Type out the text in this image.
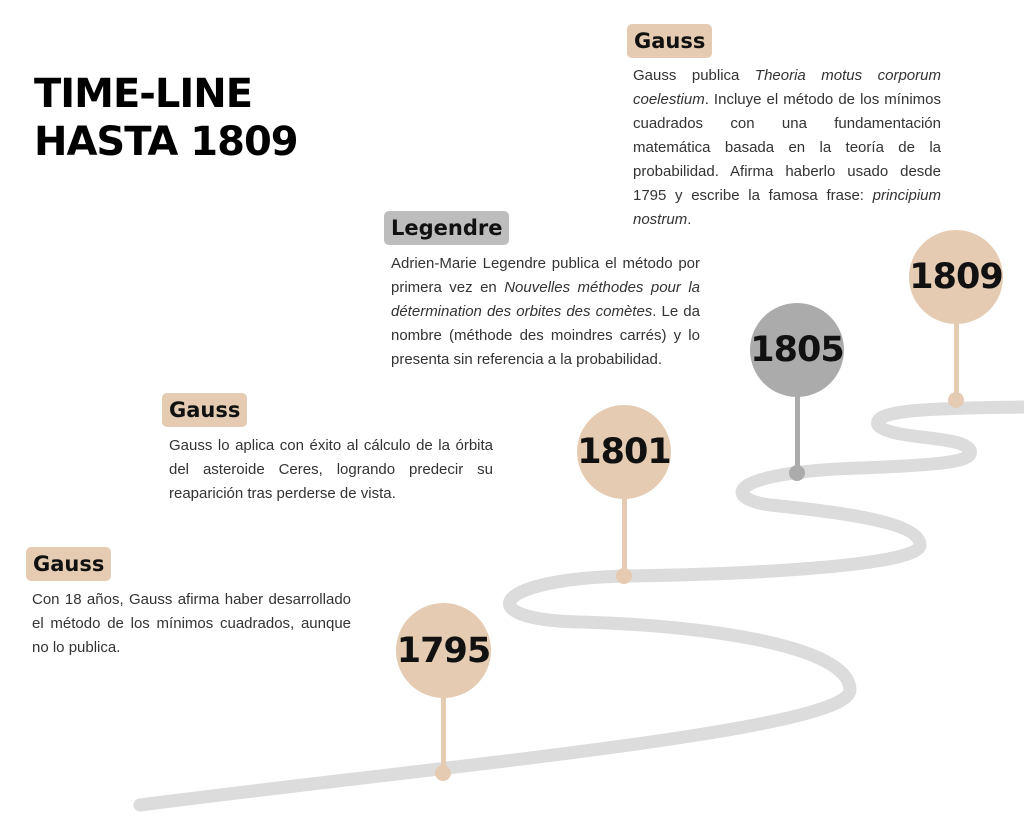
TIME-LINE
HASTA 1809
Gauss

Gauss publica Theoria motus corporum coelestium. Incluye el método de los mínimos cuadrados con una fundamentación matemática basada en la teoría de la probabilidad. Afirma haberlo usado desde 1795 y escribe la famosa frase: principium nostrum.

Legendre

Adrien-Marie Legendre publica el método por primera vez en Nouvelles méthodes pour la détermination des orbites des comètes. Le da nombre (méthode des moindres carrés) y lo presenta sin referencia a la probabilidad.

Gauss

Gauss lo aplica con éxito al cálculo de la órbita del asteroide Ceres, logrando predecir su reaparición tras perderse de vista.

Gauss

Con 18 años, Gauss afirma haber desarrollado el método de los mínimos cuadrados, aunque no lo publica.	1795
1801
1805
1809
